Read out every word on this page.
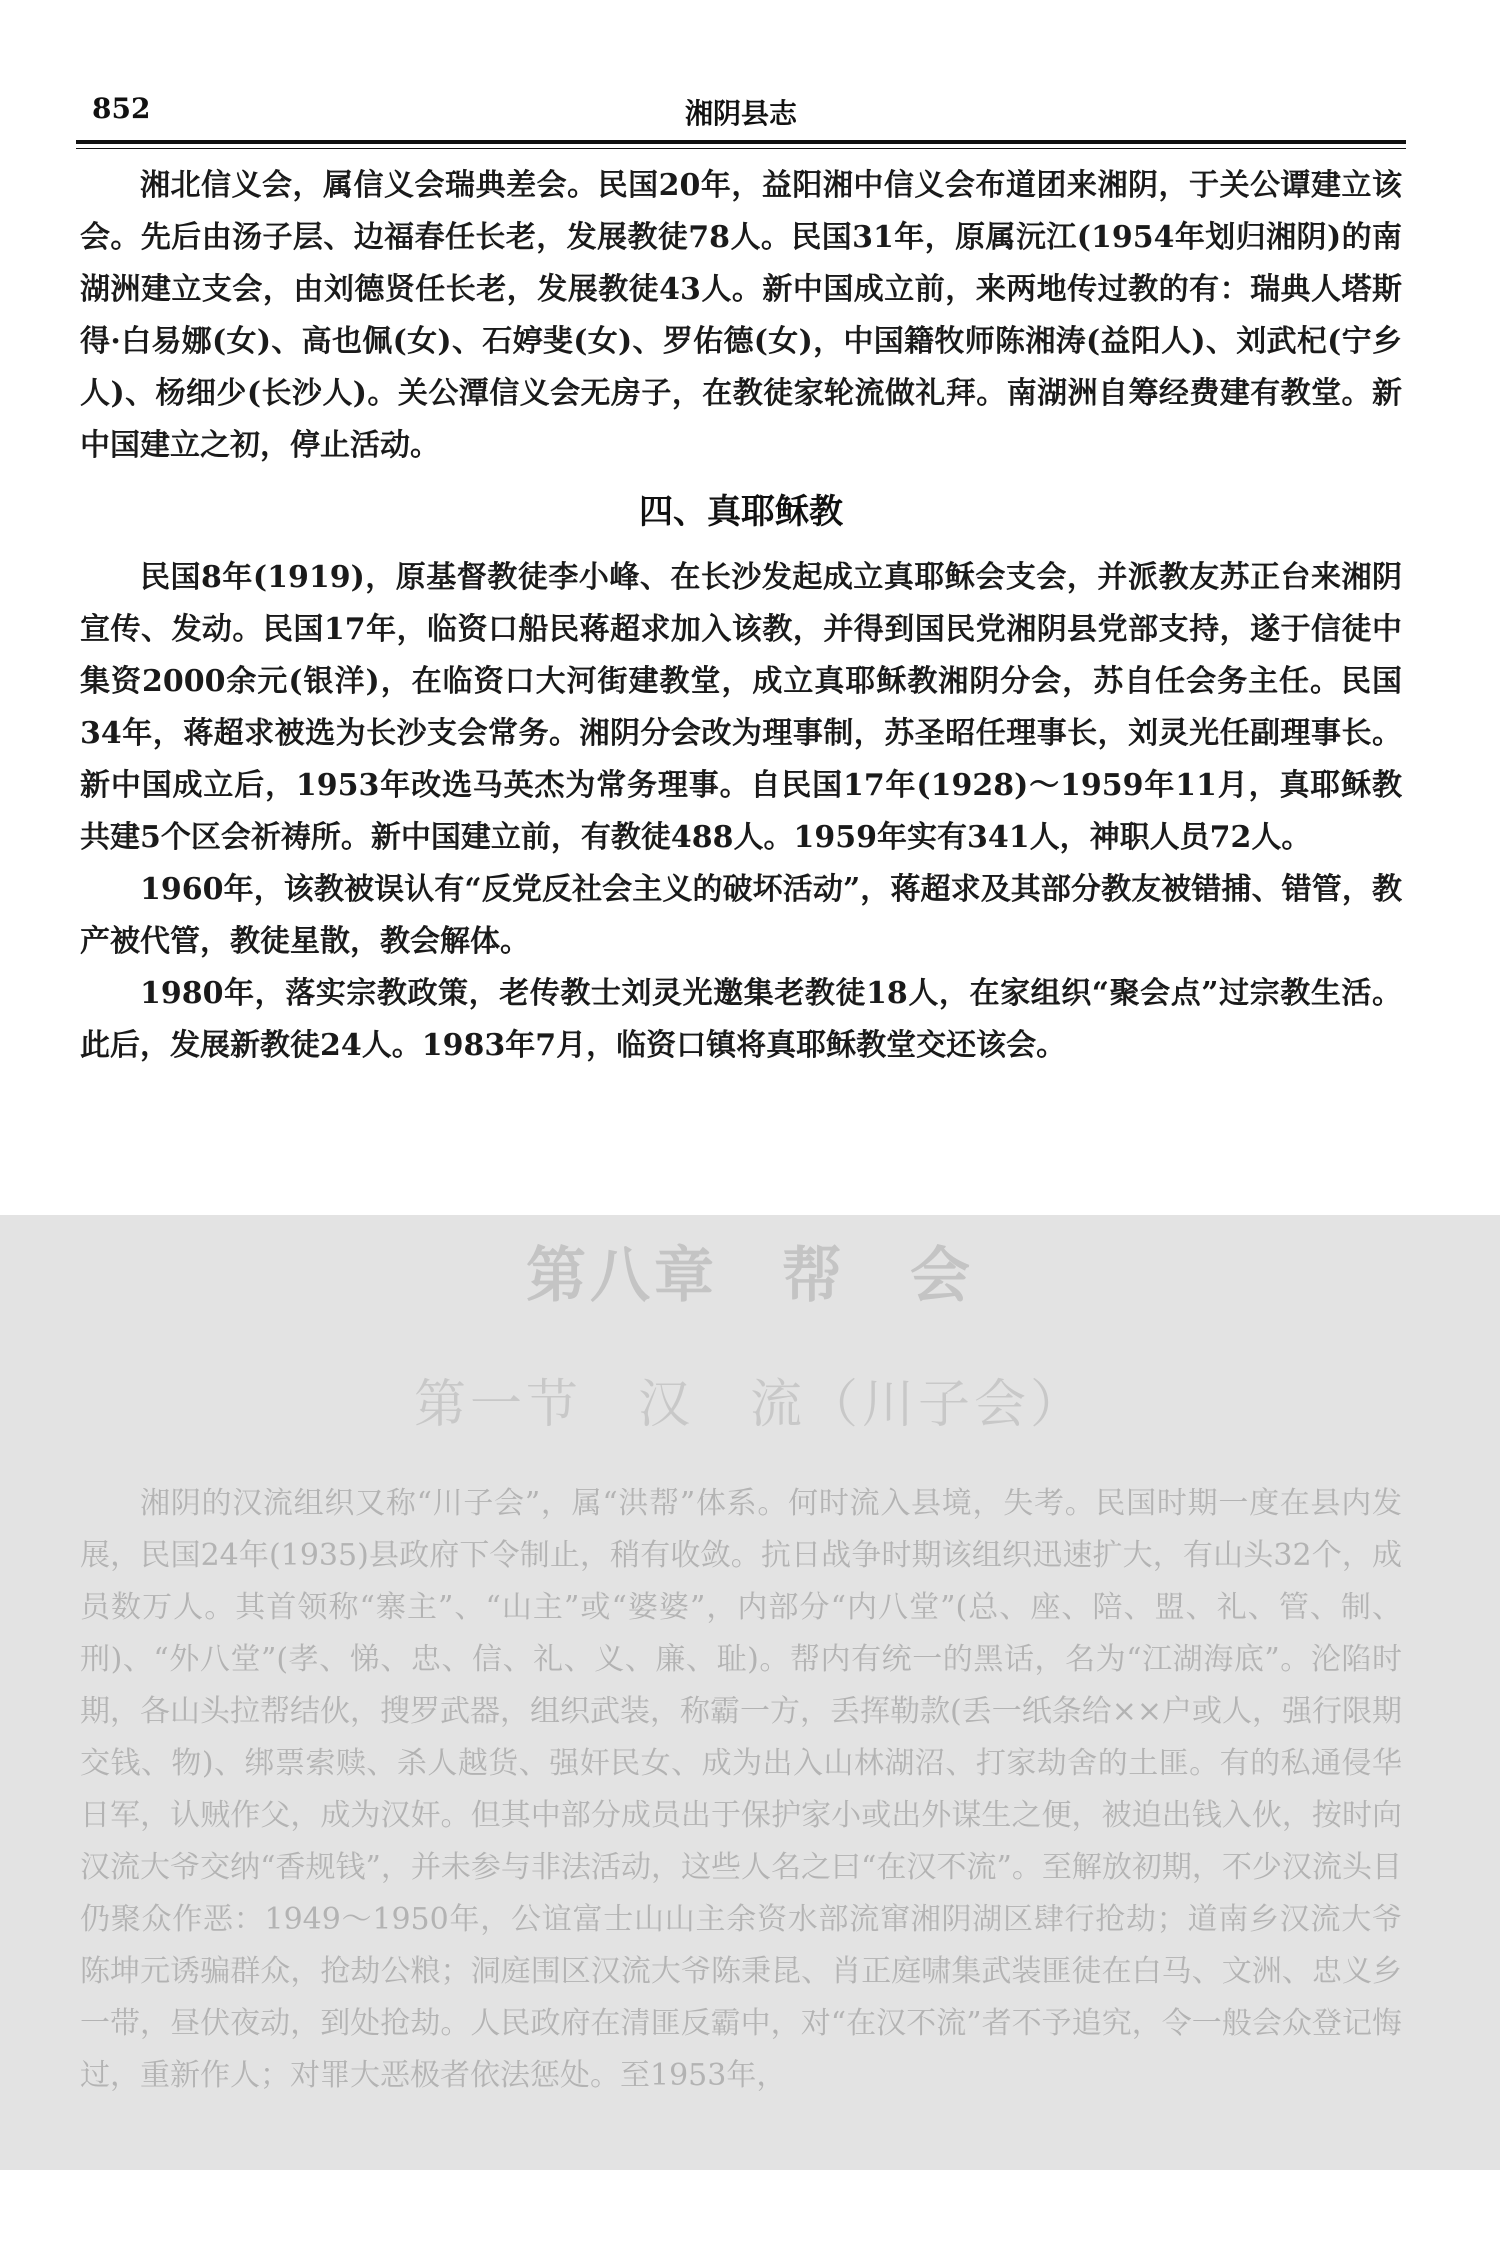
852	湘阴县志

湘北信义会，属信义会瑞典差会。民国20年，益阳湘中信义会布道团来湘阴，于关公谭建立该会。先后由汤子层、边福春任长老，发展教徒78人。民国31年，原属沅江(1954年划归湘阴)的南湖洲建立支会，由刘德贤任长老，发展教徒43人。新中国成立前，来两地传过教的有：瑞典人塔斯得·白易娜(女)、高也佩(女)、石婷斐(女)、罗佑德(女)，中国籍牧师陈湘涛(益阳人)、刘武杞(宁乡人)、杨细少(长沙人)。关公潭信义会无房子，在教徒家轮流做礼拜。南湖洲自筹经费建有教堂。新中国建立之初，停止活动。

四、真耶稣教

民国8年(1919)，原基督教徒李小峰、在长沙发起成立真耶稣会支会，并派教友苏正台来湘阴宣传、发动。民国17年，临资口船民蒋超求加入该教，并得到国民党湘阴县党部支持，遂于信徒中集资2000余元(银洋)，在临资口大河街建教堂，成立真耶稣教湘阴分会，苏自任会务主任。民国34年，蒋超求被选为长沙支会常务。湘阴分会改为理事制，苏圣昭任理事长，刘灵光任副理事长。新中国成立后，1953年改选马英杰为常务理事。自民国17年(1928)～1959年11月，真耶稣教共建5个区会祈祷所。新中国建立前，有教徒488人。1959年实有341人，神职人员72人。

1960年，该教被误认有“反党反社会主义的破坏活动”，蒋超求及其部分教友被错捕、错管，教产被代管，教徒星散，教会解体。

1980年，落实宗教政策，老传教士刘灵光邀集老教徒18人，在家组织“聚会点”过宗教生活。此后，发展新教徒24人。1983年7月，临资口镇将真耶稣教堂交还该会。

第八章　帮　会
第一节　汉　流（川子会）

湘阴的汉流组织又称“川子会”，属“洪帮”体系。何时流入县境，失考。民国时期一度在县内发展，民国24年(1935)县政府下令制止，稍有收敛。抗日战争时期该组织迅速扩大，有山头32个，成员数万人。其首领称“寨主”、“山主”或“婆婆”，内部分“内八堂”(总、座、陪、盟、礼、管、制、刑)、“外八堂”(孝、悌、忠、信、礼、义、廉、耻)。帮内有统一的黑话，名为“江湖海底”。沦陷时期，各山头拉帮结伙，搜罗武器，组织武装，称霸一方，丢挥勒款(丢一纸条给××户或人，强行限期交钱、物)、绑票索赎、杀人越货、强奸民女、成为出入山林湖沼、打家劫舍的土匪。有的私通侵华日军，认贼作父，成为汉奸。但其中部分成员出于保护家小或出外谋生之便，被迫出钱入伙，按时向汉流大爷交纳“香规钱”，并未参与非法活动，这些人名之曰“在汉不流”。至解放初期，不少汉流头目仍聚众作恶：1949～1950年，公谊富士山山主余资水部流窜湘阴湖区肆行抢劫；道南乡汉流大爷陈坤元诱骗群众，抢劫公粮；洞庭围区汉流大爷陈秉昆、肖正庭啸集武装匪徒在白马、文洲、忠义乡一带，昼伏夜动，到处抢劫。人民政府在清匪反霸中，对“在汉不流”者不予追究，令一般会众登记悔过，重新作人；对罪大恶极者依法惩处。至1953年，
